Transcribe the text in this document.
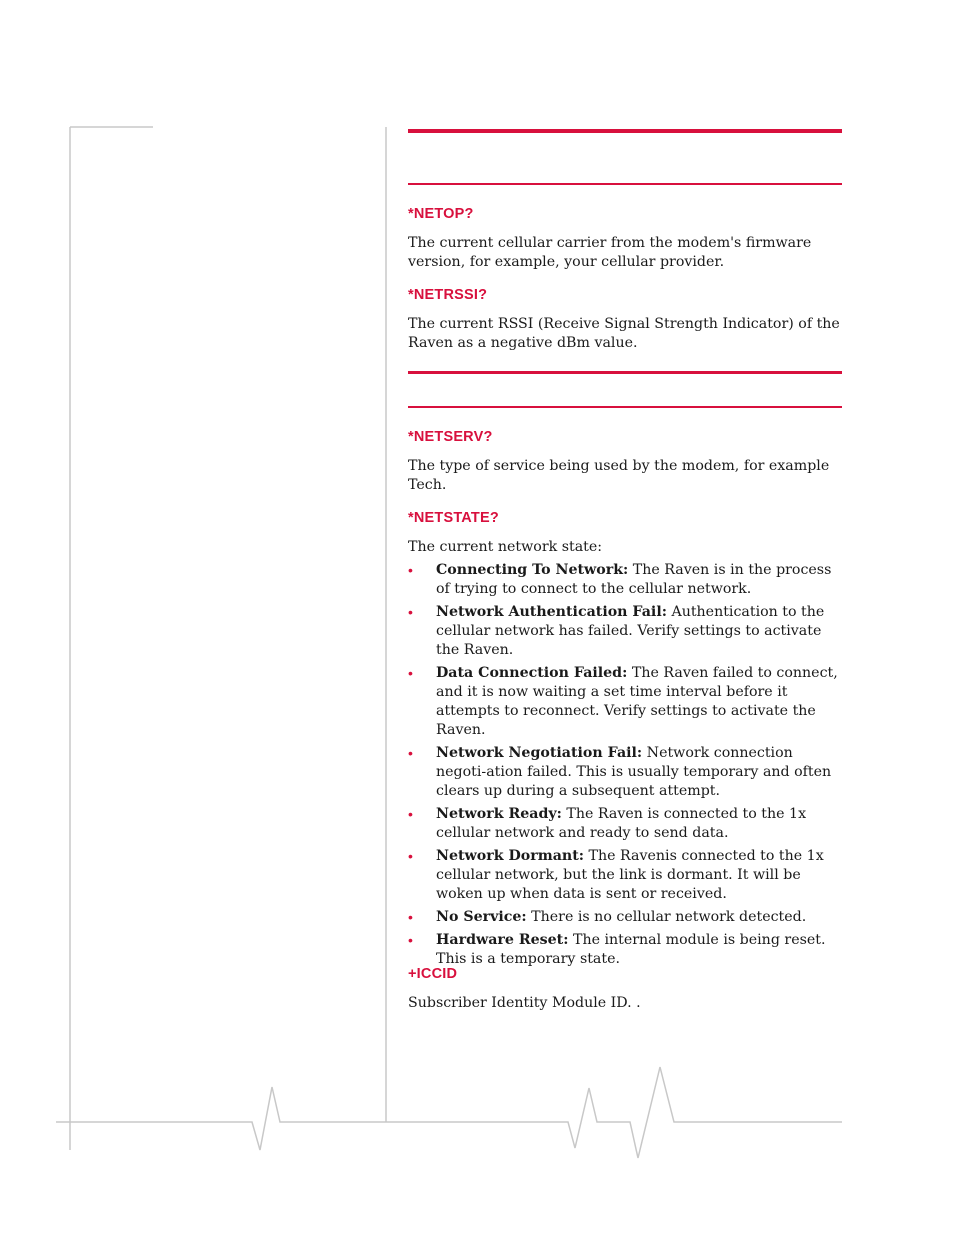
*NETOP?

The current cellular carrier from the modem's firmware version, for example, your cellular provider.

*NETRSSI?

The current RSSI (Receive Signal Strength Indicator) of the Raven as a negative dBm value.

*NETSERV?

The type of service being used by the modem, for example Tech.

*NETSTATE?

The current network state:

• Connecting To Network: The Raven is in the process of trying to connect to the cellular network.
• Network Authentication Fail: Authentication to the cellular network has failed. Verify settings to activate the Raven.
• Data Connection Failed: The Raven failed to connect, and it is now waiting a set time interval before it attempts to reconnect. Verify settings to activate the Raven.
• Network Negotiation Fail: Network connection negoti-ation failed. This is usually temporary and often clears up during a subsequent attempt.
• Network Ready: The Raven is connected to the 1x cellular network and ready to send data.
• Network Dormant: The Ravenis connected to the 1x cellular network, but the link is dormant. It will be woken up when data is sent or received.
• No Service: There is no cellular network detected.
• Hardware Reset: The internal module is being reset. This is a temporary state.
+ICCID

Subscriber Identity Module ID. .
